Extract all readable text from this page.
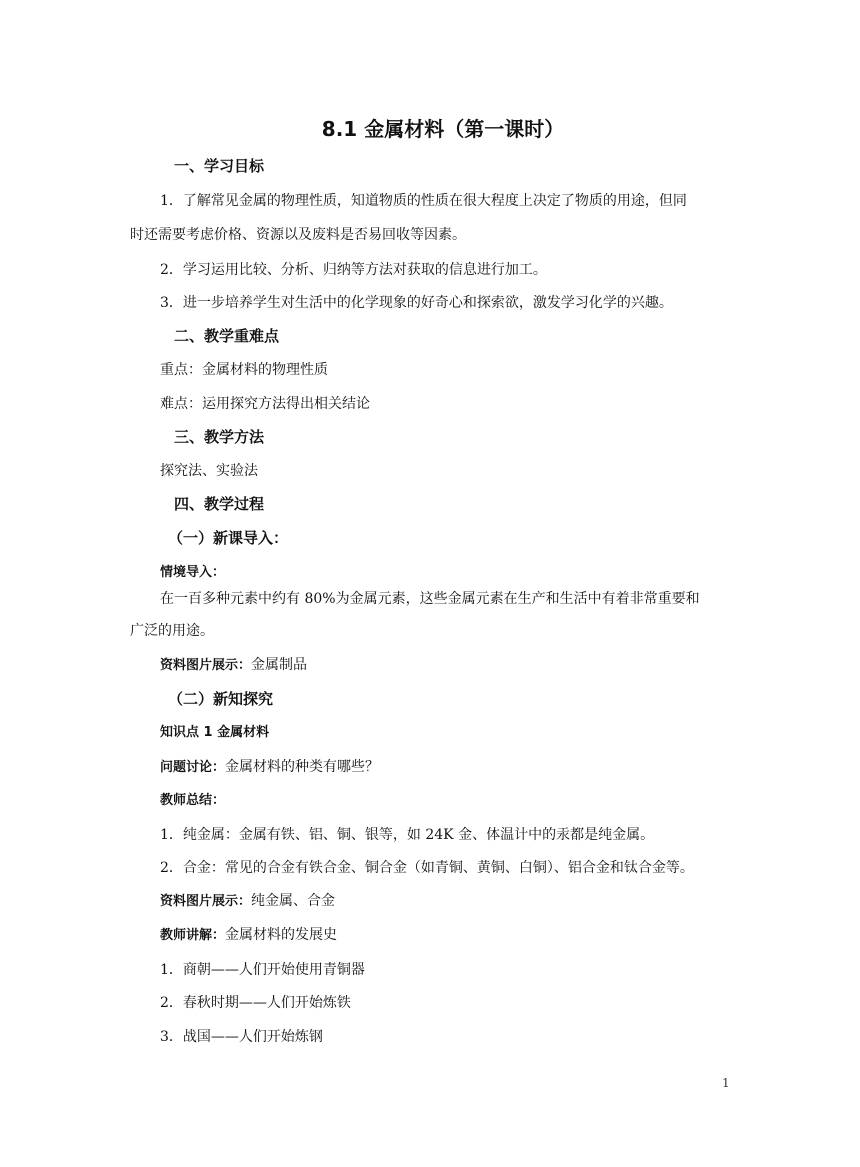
8.1 金属材料（第一课时）
一、学习目标
1．了解常见金属的物理性质，知道物质的性质在很大程度上决定了物质的用途，但同
时还需要考虑价格、资源以及废料是否易回收等因素。
2．学习运用比较、分析、归纳等方法对获取的信息进行加工。
3．进一步培养学生对生活中的化学现象的好奇心和探索欲，激发学习化学的兴趣。
二、教学重难点
重点：金属材料的物理性质
难点：运用探究方法得出相关结论
三、教学方法
探究法、实验法
四、教学过程
（一）新课导入：
情境导入：
在一百多种元素中约有 80%为金属元素，这些金属元素在生产和生活中有着非常重要和
广泛的用途。
资料图片展示：金属制品
（二）新知探究
知识点 1 金属材料
问题讨论：金属材料的种类有哪些？
教师总结：
1．纯金属：金属有铁、铝、铜、银等，如 24K 金、体温计中的汞都是纯金属。
2．合金：常见的合金有铁合金、铜合金（如青铜、黄铜、白铜）、铝合金和钛合金等。
资料图片展示：纯金属、合金
教师讲解：金属材料的发展史
1．商朝——人们开始使用青铜器
2．春秋时期——人们开始炼铁
3．战国——人们开始炼钢
1
